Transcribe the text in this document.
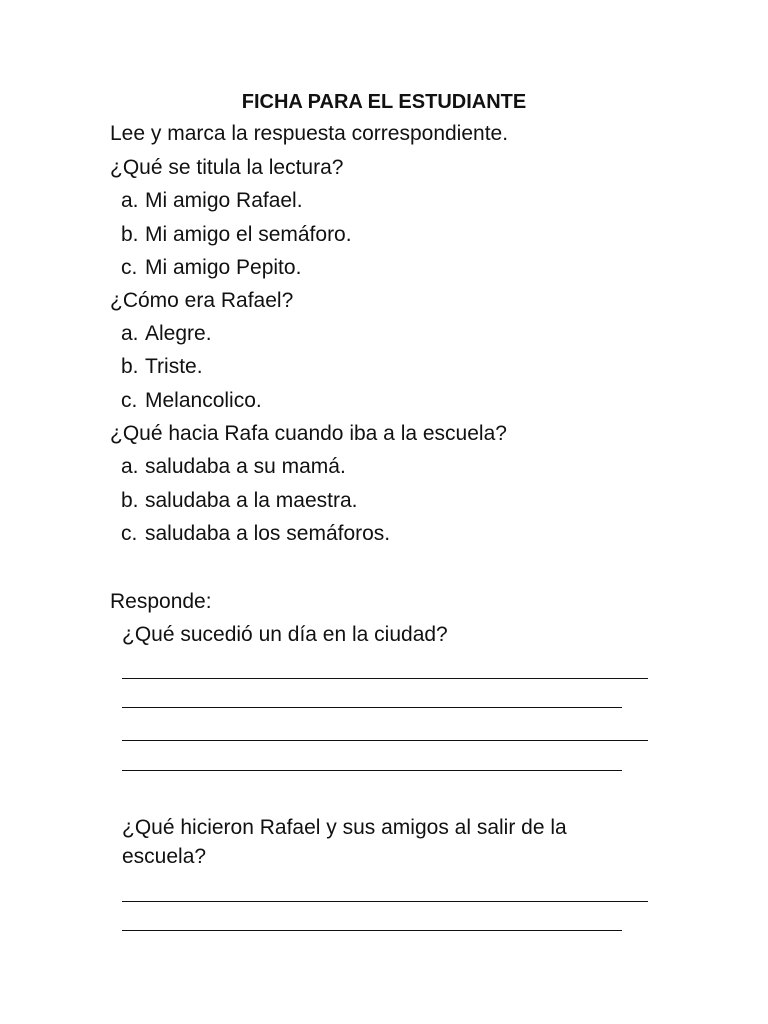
FICHA PARA EL ESTUDIANTE
Lee y marca la respuesta correspondiente.
¿Qué se titula la lectura?
a. Mi amigo Rafael.
b. Mi amigo el semáforo.
c. Mi amigo Pepito.
¿Cómo era Rafael?
a. Alegre.
b. Triste.
c. Melancolico.
¿Qué hacia Rafa cuando iba a la escuela?
a. saludaba a su mamá.
b. saludaba a la maestra.
c. saludaba a los semáforos.
Responde:
¿Qué sucedió un día en la ciudad?
¿Qué hicieron Rafael y sus amigos al salir de la
escuela?
